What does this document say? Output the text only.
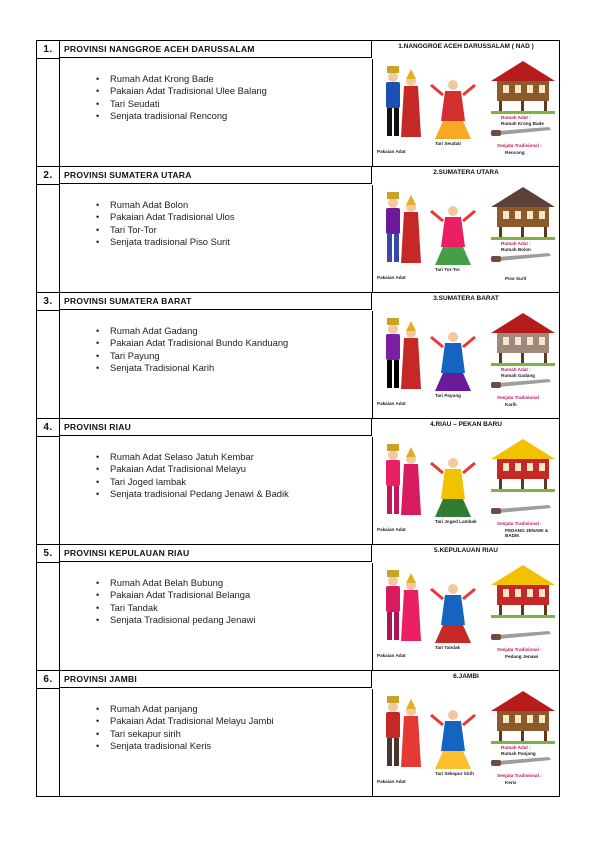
1.	PROVINSI NANGGROE ACEH DARUSSALAM
• Rumah Adat Krong Bade
• Pakaian Adat Tradisional Ulee Balang
• Tari Seudati
• Senjata tradisional Rencong
1.NANGGROE ACEH DARUSSALAM ( NAD )
Pakaian Adat
Tari Seudati
Rumah Adat :
Rumah Krong Bade
Senjata Tradisional :
Rencong
2.	PROVINSI SUMATERA UTARA
• Rumah Adat Bolon
• Pakaian Adat Tradisional Ulos
• Tari Tor-Tor
• Senjata tradisional Piso Surit
2.SUMATERA UTARA
Pakaian Adat
Tari Tor-Tor
Rumah Adat :
Rumah Bolon
Piso Surit
3.	PROVINSI SUMATERA BARAT
• Rumah Adat Gadang
• Pakaian Adat Tradisional Bundo Kanduang
• Tari Payung
• Senjata Tradisional Karih
3.SUMATERA BARAT
Pakaian Adat
Tari Payung
Rumah Adat :
Rumah Gadang
Senjata Tradisional
Karih
4.	PROVINSI RIAU
• Rumah Adat Selaso Jatuh Kembar
• Pakaian Adat Tradisional Melayu
• Tari Joged lambak
• Senjata tradisional Pedang Jenawi & Badik
4.RIAU – PEKAN BARU
Pakaian Adat
Tari Joged Lambak	Senjata Tradisional :
PEDANG JENAWI & BADIK
5.	PROVINSI KEPULAUAN RIAU
• Rumah Adat Belah Bubung
• Pakaian Adat Tradisional Belanga
• Tari Tandak
• Senjata Tradisional pedang Jenawi
5.KEPULAUAN RIAU
Pakaian Adat
Tari Tandak	Senjata Tradisional :
Pedang Jenawi
6.	PROVINSI JAMBI
• Rumah Adat panjang
• Pakaian Adat Tradisional Melayu Jambi
• Tari sekapur sirih
• Senjata tradisional Keris
6.JAMBI
Pakaian Adat
Tari Sekapur Sirih
Rumah Adat :
Rumah Panjang
Senjata Tradisional :
Keris
